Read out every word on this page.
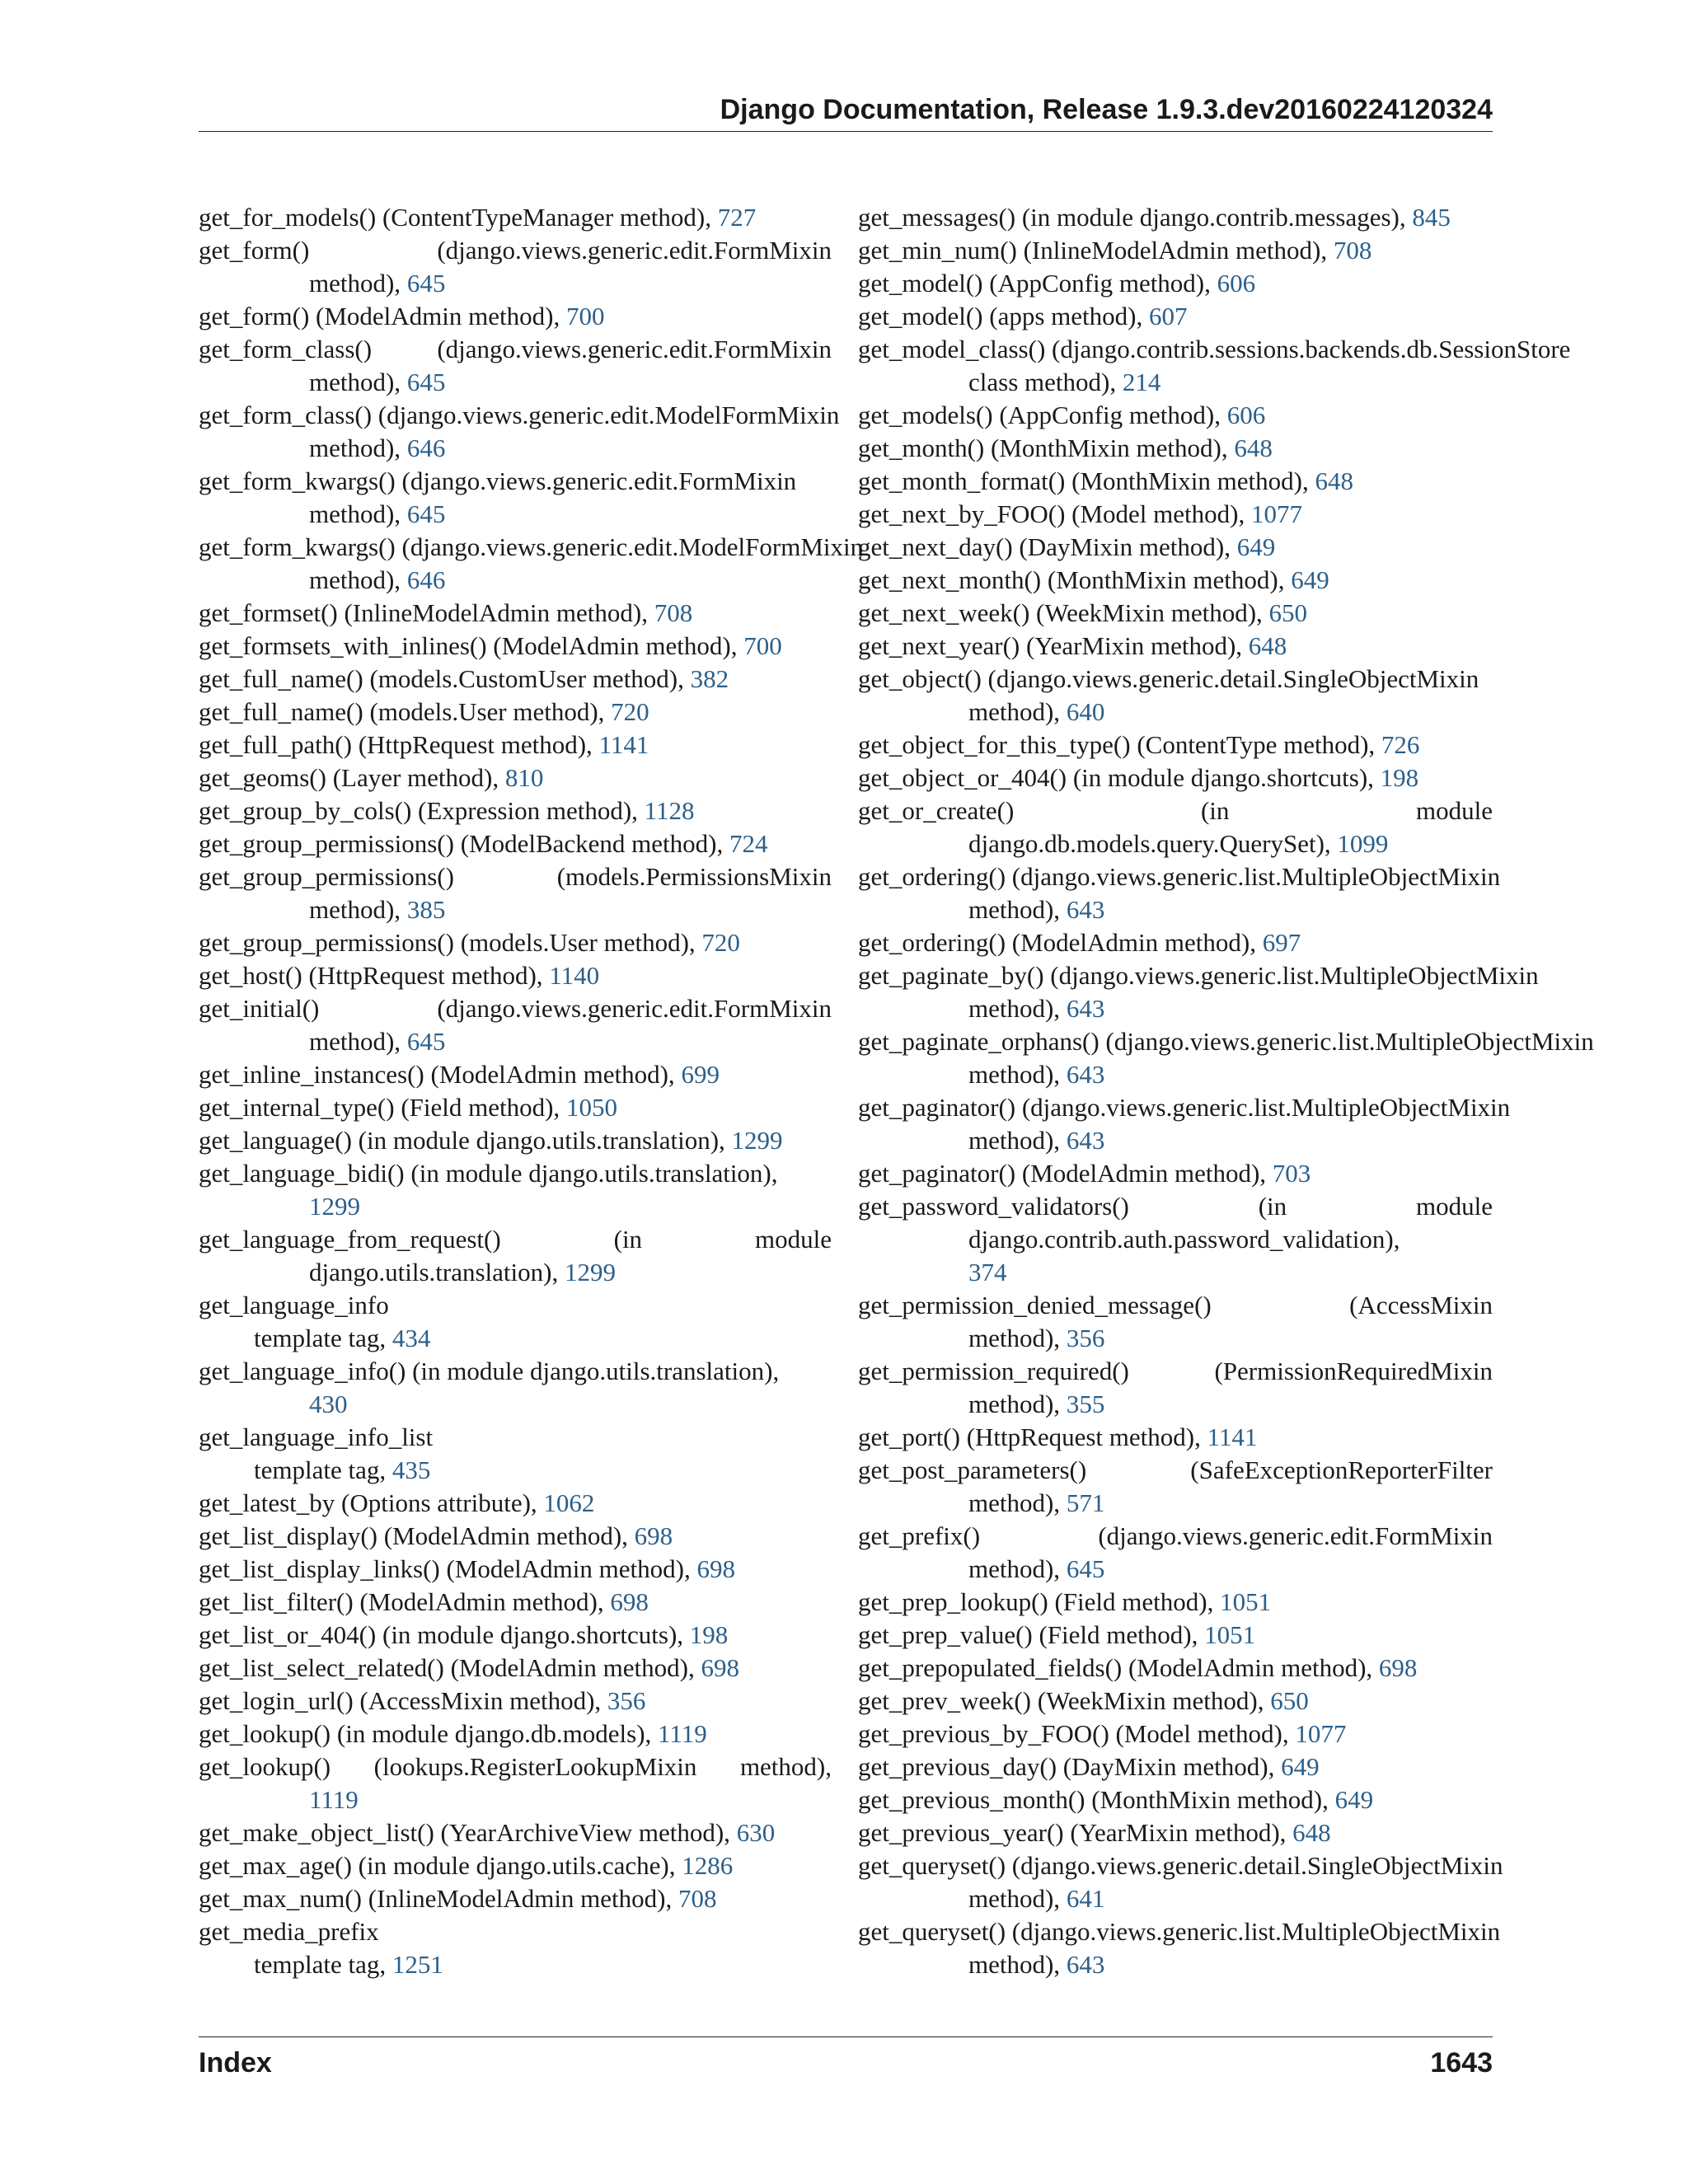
Django Documentation, Release 1.9.3.dev20160224120324
get_for_models() (ContentTypeManager method), 727
get_form()	(django.views.generic.edit.FormMixin
method), 645
get_form() (ModelAdmin method), 700
get_form_class()	(django.views.generic.edit.FormMixin
method), 645
get_form_class() (django.views.generic.edit.ModelFormMixin
method), 646
get_form_kwargs() (django.views.generic.edit.FormMixin
method), 645
get_form_kwargs() (django.views.generic.edit.ModelFormMixin
method), 646
get_formset() (InlineModelAdmin method), 708
get_formsets_with_inlines() (ModelAdmin method), 700
get_full_name() (models.CustomUser method), 382
get_full_name() (models.User method), 720
get_full_path() (HttpRequest method), 1141
get_geoms() (Layer method), 810
get_group_by_cols() (Expression method), 1128
get_group_permissions() (ModelBackend method), 724
get_group_permissions()	(models.PermissionsMixin
method), 385
get_group_permissions() (models.User method), 720
get_host() (HttpRequest method), 1140
get_initial()	(django.views.generic.edit.FormMixin
method), 645
get_inline_instances() (ModelAdmin method), 699
get_internal_type() (Field method), 1050
get_language() (in module django.utils.translation), 1299
get_language_bidi() (in module django.utils.translation),
1299
get_language_from_request()	(in	module
django.utils.translation), 1299
get_language_info
template tag, 434
get_language_info() (in module django.utils.translation),
430
get_language_info_list
template tag, 435
get_latest_by (Options attribute), 1062
get_list_display() (ModelAdmin method), 698
get_list_display_links() (ModelAdmin method), 698
get_list_filter() (ModelAdmin method), 698
get_list_or_404() (in module django.shortcuts), 198
get_list_select_related() (ModelAdmin method), 698
get_login_url() (AccessMixin method), 356
get_lookup() (in module django.db.models), 1119
get_lookup() (lookups.RegisterLookupMixin method),
1119
get_make_object_list() (YearArchiveView method), 630
get_max_age() (in module django.utils.cache), 1286
get_max_num() (InlineModelAdmin method), 708
get_media_prefix
template tag, 1251
get_messages() (in module django.contrib.messages), 845
get_min_num() (InlineModelAdmin method), 708
get_model() (AppConfig method), 606
get_model() (apps method), 607
get_model_class() (django.contrib.sessions.backends.db.SessionStore
class method), 214
get_models() (AppConfig method), 606
get_month() (MonthMixin method), 648
get_month_format() (MonthMixin method), 648
get_next_by_FOO() (Model method), 1077
get_next_day() (DayMixin method), 649
get_next_month() (MonthMixin method), 649
get_next_week() (WeekMixin method), 650
get_next_year() (YearMixin method), 648
get_object() (django.views.generic.detail.SingleObjectMixin
method), 640
get_object_for_this_type() (ContentType method), 726
get_object_or_404() (in module django.shortcuts), 198
get_or_create()	(in	module
django.db.models.query.QuerySet), 1099
get_ordering() (django.views.generic.list.MultipleObjectMixin
method), 643
get_ordering() (ModelAdmin method), 697
get_paginate_by() (django.views.generic.list.MultipleObjectMixin
method), 643
get_paginate_orphans() (django.views.generic.list.MultipleObjectMixin
method), 643
get_paginator() (django.views.generic.list.MultipleObjectMixin
method), 643
get_paginator() (ModelAdmin method), 703
get_password_validators()	(in	module
django.contrib.auth.password_validation),
374
get_permission_denied_message()	(AccessMixin
method), 356
get_permission_required()	(PermissionRequiredMixin
method), 355
get_port() (HttpRequest method), 1141
get_post_parameters()	(SafeExceptionReporterFilter
method), 571
get_prefix()	(django.views.generic.edit.FormMixin
method), 645
get_prep_lookup() (Field method), 1051
get_prep_value() (Field method), 1051
get_prepopulated_fields() (ModelAdmin method), 698
get_prev_week() (WeekMixin method), 650
get_previous_by_FOO() (Model method), 1077
get_previous_day() (DayMixin method), 649
get_previous_month() (MonthMixin method), 649
get_previous_year() (YearMixin method), 648
get_queryset() (django.views.generic.detail.SingleObjectMixin
method), 641
get_queryset() (django.views.generic.list.MultipleObjectMixin
method), 643
Index	1643
